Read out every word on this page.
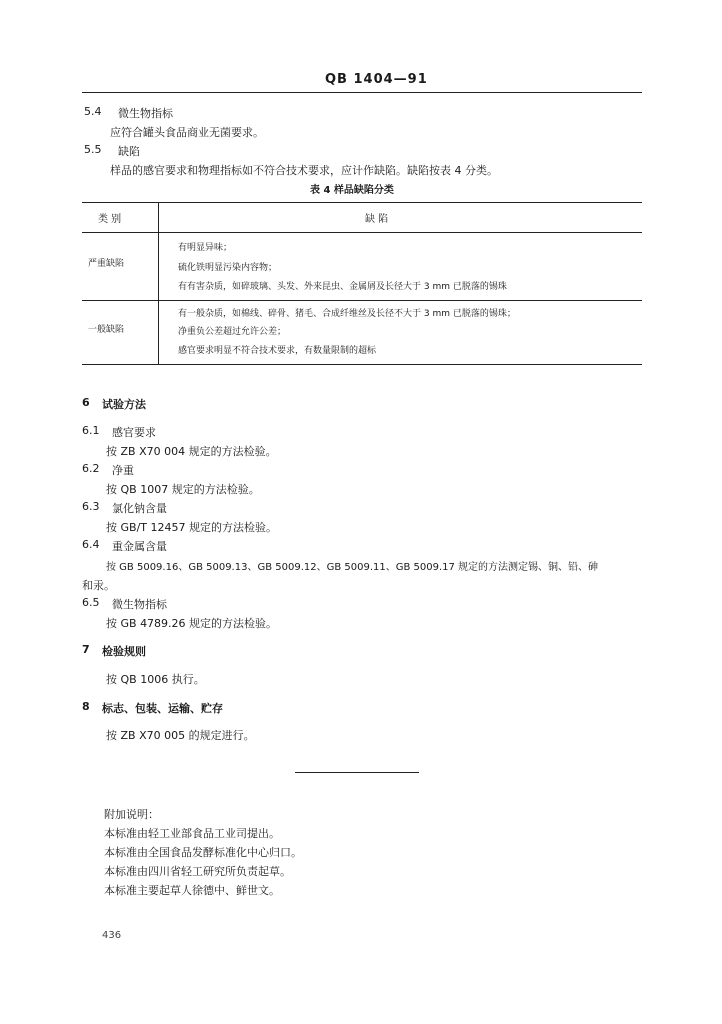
QB 1404—91
5.4 微生物指标
应符合罐头食品商业无菌要求。
5.5 缺陷
样品的感官要求和物理指标如不符合技术要求，应计作缺陷。缺陷按表 4 分类。
表 4 样品缺陷分类
类 别	缺 陷
严重缺陷
有明显异味；
硫化铁明显污染内容物；
有有害杂质，如碎玻璃、头发、外来昆虫、金属屑及长径大于 3 mm 已脱落的锡珠
一般缺陷
有一般杂质，如棉线、碎骨、猪毛、合成纤维丝及长径不大于 3 mm 已脱落的锡珠；
净重负公差超过允许公差；
感官要求明显不符合技术要求，有数量限制的超标
6 试验方法
6.1 感官要求
按 ZB X70 004 规定的方法检验。
6.2 净重
按 QB 1007 规定的方法检验。
6.3 氯化钠含量
按 GB/T 12457 规定的方法检验。
6.4 重金属含量
按 GB 5009.16、GB 5009.13、GB 5009.12、GB 5009.11、GB 5009.17 规定的方法测定锡、铜、铅、砷
和汞。
6.5 微生物指标
按 GB 4789.26 规定的方法检验。
7 检验规则
按 QB 1006 执行。
8 标志、包装、运输、贮存
按 ZB X70 005 的规定进行。
附加说明：
本标准由轻工业部食品工业司提出。
本标准由全国食品发酵标准化中心归口。
本标准由四川省轻工研究所负责起草。
本标准主要起草人徐德中、鲜世文。
436
